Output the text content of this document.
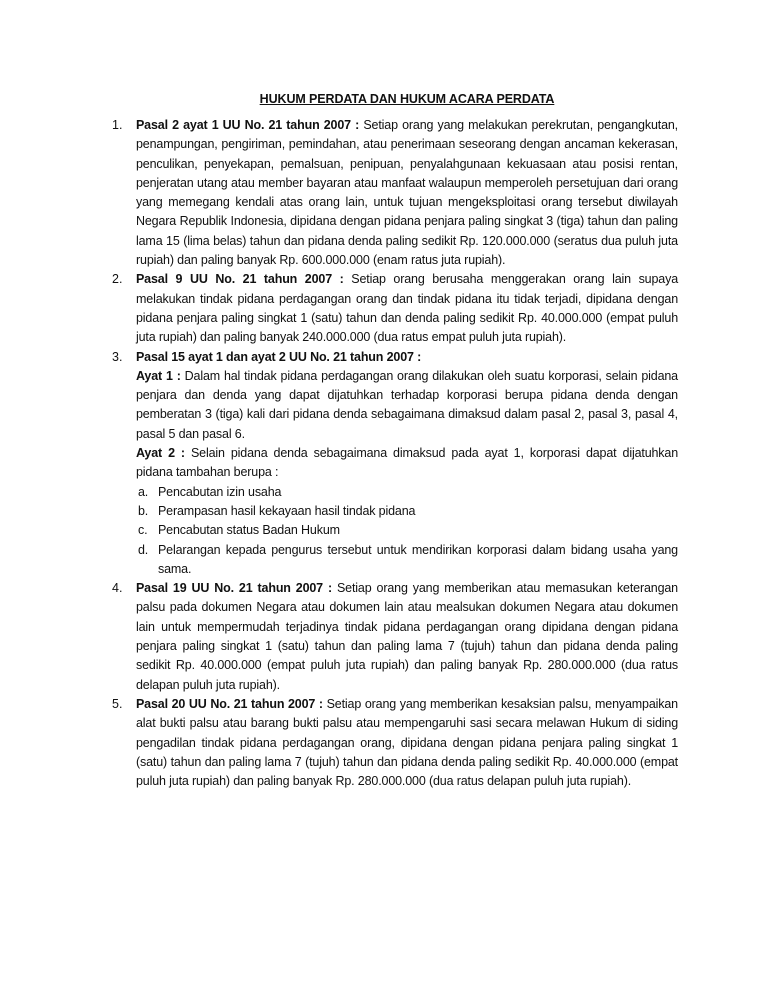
HUKUM PERDATA DAN HUKUM ACARA PERDATA
1. Pasal 2 ayat 1 UU No. 21 tahun 2007 : Setiap orang yang melakukan perekrutan, pengangkutan, penampungan, pengiriman, pemindahan, atau penerimaan seseorang dengan ancaman kekerasan, penculikan, penyekapan, pemalsuan, penipuan, penyalahgunaan kekuasaan atau posisi rentan, penjeratan utang atau member bayaran atau manfaat walaupun memperoleh persetujuan dari orang yang memegang kendali atas orang lain, untuk tujuan mengeksploitasi orang tersebut diwilayah Negara Republik Indonesia, dipidana dengan pidana penjara paling singkat 3 (tiga) tahun dan paling lama 15 (lima belas) tahun dan pidana denda paling sedikit Rp. 120.000.000 (seratus dua puluh juta rupiah) dan paling banyak Rp. 600.000.000 (enam ratus juta rupiah).
2. Pasal 9 UU No. 21 tahun 2007 : Setiap orang berusaha menggerakan orang lain supaya melakukan tindak pidana perdagangan orang dan tindak pidana itu tidak terjadi, dipidana dengan pidana penjara paling singkat 1 (satu) tahun dan denda paling sedikit Rp. 40.000.000 (empat puluh juta rupiah) dan paling banyak 240.000.000 (dua ratus empat puluh juta rupiah).
3. Pasal 15 ayat 1 dan ayat 2 UU No. 21 tahun 2007 :
Ayat 1 : Dalam hal tindak pidana perdagangan orang dilakukan oleh suatu korporasi, selain pidana penjara dan denda yang dapat dijatuhkan terhadap korporasi berupa pidana denda dengan pemberatan 3 (tiga) kali dari pidana denda sebagaimana dimaksud dalam pasal 2, pasal 3, pasal 4, pasal 5 dan pasal 6.
Ayat 2 : Selain pidana denda sebagaimana dimaksud pada ayat 1, korporasi dapat dijatuhkan pidana tambahan berupa :
a. Pencabutan izin usaha
b. Perampasan hasil kekayaan hasil tindak pidana
c. Pencabutan status Badan Hukum
d. Pelarangan kepada pengurus tersebut untuk mendirikan korporasi dalam bidang usaha yang sama.
4. Pasal 19 UU No. 21 tahun 2007 : Setiap orang yang memberikan atau memasukan keterangan palsu pada dokumen Negara atau dokumen lain atau mealsukan dokumen Negara atau dokumen lain untuk mempermudah terjadinya tindak pidana perdagangan orang dipidana dengan pidana penjara paling singkat 1 (satu) tahun dan paling lama 7 (tujuh) tahun dan pidana denda paling sedikit Rp. 40.000.000 (empat puluh juta rupiah) dan paling banyak Rp. 280.000.000 (dua ratus delapan puluh juta rupiah).
5. Pasal 20 UU No. 21 tahun 2007 : Setiap orang yang memberikan kesaksian palsu, menyampaikan alat bukti palsu atau barang bukti palsu atau mempengaruhi sasi secara melawan Hukum di siding pengadilan tindak pidana perdagangan orang, dipidana dengan pidana penjara paling singkat 1 (satu) tahun dan paling lama 7 (tujuh) tahun dan pidana denda paling sedikit Rp. 40.000.000 (empat puluh juta rupiah) dan paling banyak Rp. 280.000.000 (dua ratus delapan puluh juta rupiah).
